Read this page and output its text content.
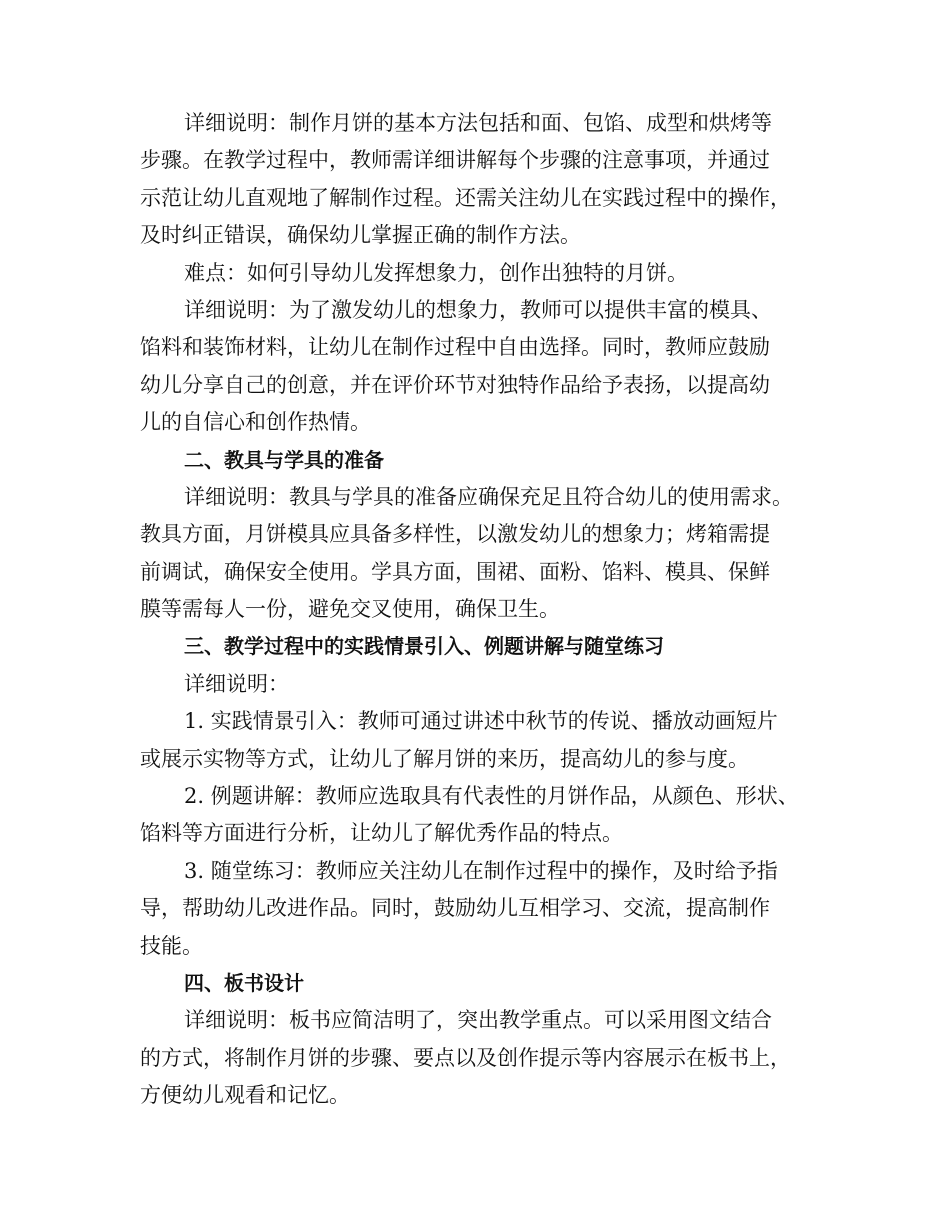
详细说明：制作月饼的基本方法包括和面、包馅、成型和烘烤等
步骤。在教学过程中，教师需详细讲解每个步骤的注意事项，并通过
示范让幼儿直观地了解制作过程。还需关注幼儿在实践过程中的操作，
及时纠正错误，确保幼儿掌握正确的制作方法。
难点：如何引导幼儿发挥想象力，创作出独特的月饼。
详细说明：为了激发幼儿的想象力，教师可以提供丰富的模具、
馅料和装饰材料，让幼儿在制作过程中自由选择。同时，教师应鼓励
幼儿分享自己的创意，并在评价环节对独特作品给予表扬，以提高幼
儿的自信心和创作热情。
二、教具与学具的准备
详细说明：教具与学具的准备应确保充足且符合幼儿的使用需求。
教具方面，月饼模具应具备多样性，以激发幼儿的想象力；烤箱需提
前调试，确保安全使用。学具方面，围裙、面粉、馅料、模具、保鲜
膜等需每人一份，避免交叉使用，确保卫生。
三、教学过程中的实践情景引入、例题讲解与随堂练习
详细说明：
1. 实践情景引入：教师可通过讲述中秋节的传说、播放动画短片
或展示实物等方式，让幼儿了解月饼的来历，提高幼儿的参与度。
2. 例题讲解：教师应选取具有代表性的月饼作品，从颜色、形状、
馅料等方面进行分析，让幼儿了解优秀作品的特点。
3. 随堂练习：教师应关注幼儿在制作过程中的操作，及时给予指
导，帮助幼儿改进作品。同时，鼓励幼儿互相学习、交流，提高制作
技能。
四、板书设计
详细说明：板书应简洁明了，突出教学重点。可以采用图文结合
的方式，将制作月饼的步骤、要点以及创作提示等内容展示在板书上，
方便幼儿观看和记忆。
